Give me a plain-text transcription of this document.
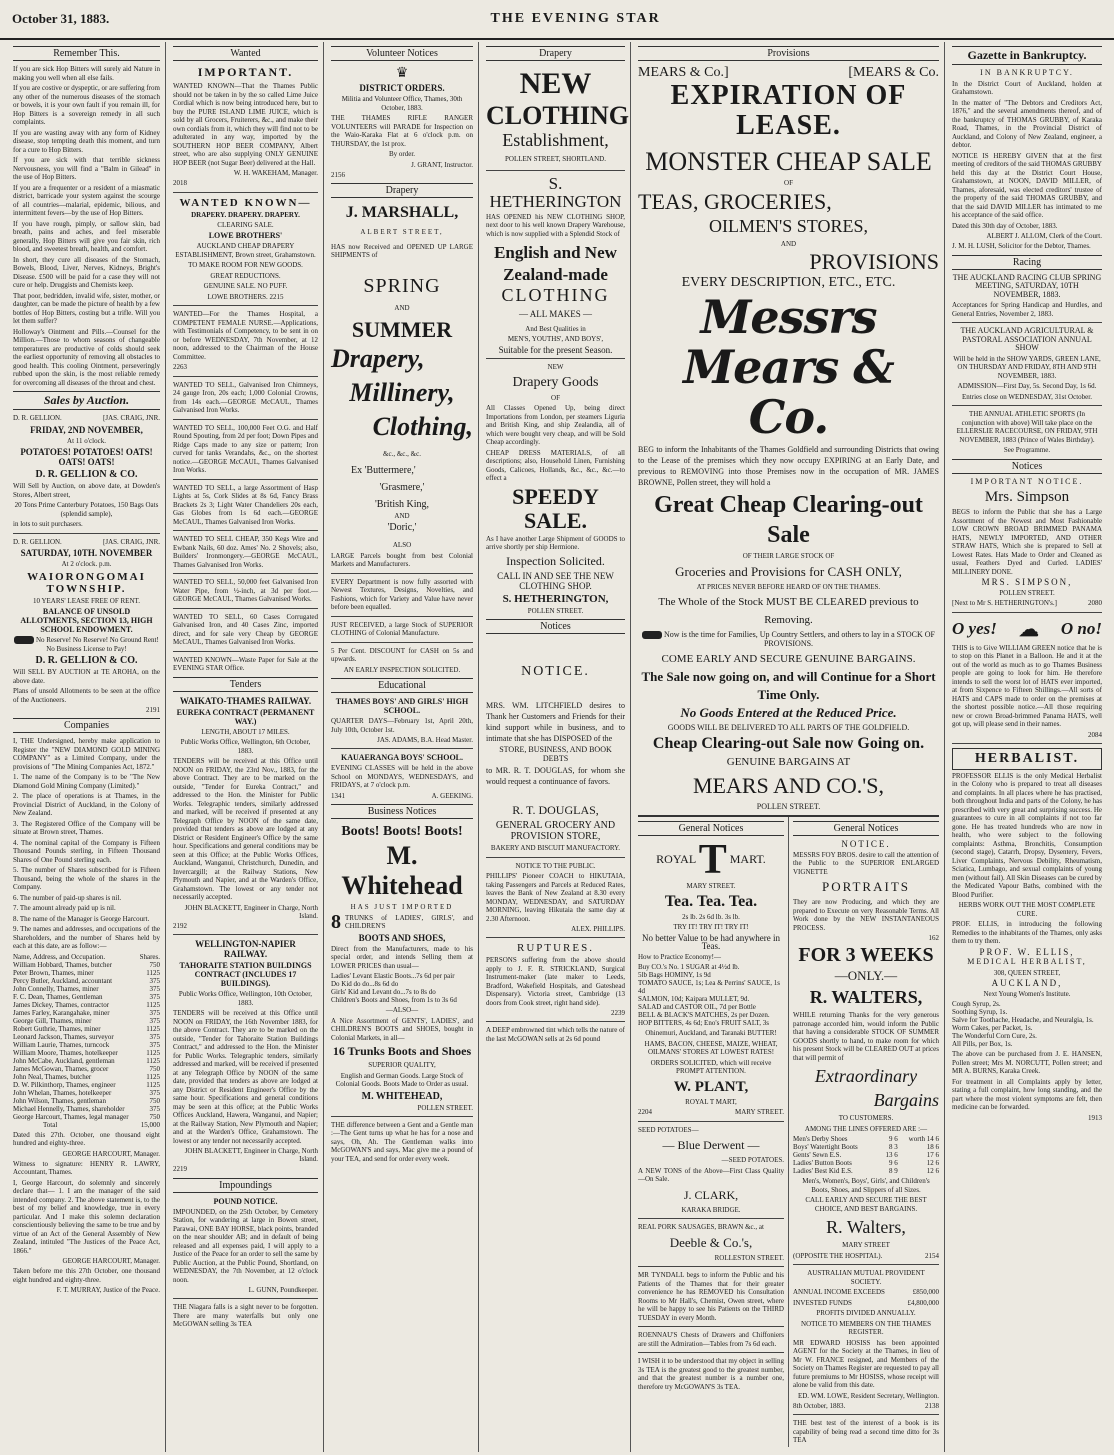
October 31, 1883.	THE EVENING STAR
Remember This.
If you are sick Hop Bitters will surely aid Nature in making you well when all else fails.
If you are costive or dyspeptic, or are suffering from any other of the numerous diseases of the stomach or bowels, it is your own fault if you remain ill, for Hop Bitters is a sovereign remedy in all such complaints.
If you are wasting away with any form of Kidney disease, stop tempting death this moment, and turn for a cure to Hop Bitters.
If you are sick with that terrible sickness Nervousness, you will find a "Balm in Gilead" in the use of Hop Bitters.
If you are a frequenter or a resident of a miasmatic district, barricade your system against the scourge of all countries—malarial, epidemic, bilious, and intermittent fevers—by the use of Hop Bitters.
If you have rough, pimply, or sallow skin, bad breath, pains and aches, and feel miserable generally, Hop Bitters will give you fair skin, rich blood, and sweetest breath, health, and comfort.
In short, they cure all diseases of the Stomach, Bowels, Blood, Liver, Nerves, Kidneys, Bright's Disease. £500 will be paid for a case they will not cure or help. Druggists and Chemists keep.
That poor, bedridden, invalid wife, sister, mother, or daughter, can be made the picture of health by a few bottles of Hop Bitters, costing but a trifle. Will you let them suffer?
Holloway's Ointment and Pills.—Counsel for the Million.—Those to whom seasons of changeable temperatures are productive of colds should seek the earliest opportunity of removing all obstacles to good health. This cooling Ointment, perseveringly rubbed upon the skin, is the most reliable remedy for overcoming all diseases of the throat and chest.
Sales by Auction.
D. R. GELLION.	[JAS. CRAIG, JNR.
FRIDAY, 2ND NOVEMBER,
At 11 o'clock.
POTATOES! POTATOES! OATS! OATS! OATS!
D. R. GELLION & CO.
Will Sell by Auction, on above date, at Dowden's Stores, Albert street,
20 Tons Prime Canterbury Potatoes, 150 Bags Oats (splendid sample),
in lots to suit purchasers.
D. R. GELLION.	[JAS. CRAIG, JNR.
SATURDAY, 10TH. NOVEMBER
At 2 o'clock. p.m.
WAIORONGOMAI TOWNSHIP.
10 YEARS' LEASE FREE OF RENT.
BALANCE OF UNSOLD ALLOTMENTS, SECTION 13, HIGH SCHOOL ENDOWMENT.
No Reserve! No Reserve! No Ground Rent! No Business License to Pay!
D. R. GELLION & CO.
Will SELL BY AUCTION at TE AROHA, on the above date.
Plans of unsold Allotments to be seen at the office of the Auctioneers.
2191
Companies
I, THE Undersigned, hereby make application to Register the "NEW DIAMOND GOLD MINING COMPANY" as a Limited Company, under the provisions of "The Mining Companies Act, 1872."
1. The name of the Company is to be "The New Diamond Gold Mining Company (Limited)."
2. The place of operations is at Thames, in the Provincial District of Auckland, in the Colony of New Zealand.
3. The Registered Office of the Company will be situate at Brown street, Thames.
4. The nominal capital of the Company is Fifteen Thousand Pounds sterling, in Fifteen Thousand Shares of One Pound sterling each.
5. The number of Shares subscribed for is Fifteen Thousand, being the whole of the shares in the Company.
6. The number of paid-up shares is nil.
7. The amount already paid up is nil.
8. The name of the Manager is George Harcourt.
9. The names and addresses, and occupations of the Shareholders, and the number of Shares held by each at this date, are as follow:—
Name, Address, and Occupation.	Shares.
William Hobbard, Thames, butcher	750
Peter Brown, Thames, miner	1125
Percy Butler, Auckland, accountant	375
John Connelly, Thames, miner	375
F. C. Dean, Thames, Gentleman	375
James Dickey, Thames, contractor	1125
James Farley, Karangahake, miner	375
George Gill, Thames, miner	375
Robert Guthrie, Thames, miner	1125
Leonard Jackson, Thames, surveyor	375
William Laurie, Thames, turncock	375
William Moore, Thames, hotelkeeper	1125
John McCabe, Auckland, gentleman	1125
James McGowan, Thames, grocer	750
John Neal, Thames, butcher	1125
D. W. Pilkinthorp, Thames, engineer	1125
John Whelan, Thames, hotelkeeper	375
John Wilson, Thames, gentleman	750
Michael Hennelly, Thames, shareholder	375
George Harcourt, Thames, legal manager	750
Total	15,000
Dated this 27th. October, one thousand eight hundred and eighty-three.
GEORGE HARCOURT, Manager.
Witness to signature: HENRY R. LAWRY, Accountant, Thames.
I, George Harcourt, do solemnly and sincerely declare that— 1. I am the manager of the said intended company. 2. The above statement is, to the best of my belief and knowledge, true in every particular. And I make this solemn declaration conscientiously believing the same to be true and by virtue of an Act of the General Assembly of New Zealand, intituled "The Justices of the Peace Act, 1866."
GEORGE HARCOURT, Manager.
Taken before me this 27th October, one thousand eight hundred and eighty-three.
F. T. MURRAY, Justice of the Peace.
Wanted
IMPORTANT.
WANTED KNOWN—That the Thames Public should not be taken in by the so called Lime Juice Cordial which is now being introduced here, but to buy the PURE ISLAND LIME JUICE, which is sold by all Grocers, Fruiterers, &c., and make their own cordials from it, which they will find not to be adulterated in any way, imported by the SOUTHERN HOP BEER COMPANY, Albert street, who are also supplying ONLY GENUINE HOP BEER (not Sugar Beer) delivered at the Hall.
W. H. WAKEHAM, Manager.
2018
WANTED KNOWN—
DRAPERY. DRAPERY. DRAPERY.
CLEARING SALE.
LOWE BROTHERS'
AUCKLAND CHEAP DRAPERY ESTABLISHMENT, Brown street, Grahamstown.
TO MAKE ROOM FOR NEW GOODS.
GREAT REDUCTIONS.
GENUINE SALE. NO PUFF.
LOWE BROTHERS. 2215
WANTED—For the Thames Hospital, a COMPETENT FEMALE NURSE.—Applications, with Testimonials of Competency, to be sent in on or before WEDNESDAY, 7th November, at 12 noon, addressed to the Chairman of the House Committee.
2263
WANTED TO SELL, Galvanised Iron Chimneys, 24 gauge Iron, 20s each; 1,000 Colonial Crowns, from 14s each.—GEORGE McCAUL, Thames Galvanised Iron Works.
WANTED TO SELL, 100,000 Feet O.G. and Half Round Spouting, from 2d per foot; Down Pipes and Ridge Caps made to any size or pattern; Iron curved for tanks Verandahs, &c., on the shortest notice.—GEORGE McCAUL, Thames Galvanised Iron Works.
WANTED TO SELL, a large Assortment of Hasp Lights at 5s, Cork Slides at 8s 6d, Fancy Brass Brackets 2s 3; Light Water Chandeliers 20s each, Gas Globes from 1s 6d each.—GEORGE McCAUL, Thames Galvanised Iron Works.
WANTED TO SELL CHEAP, 350 Kegs Wire and Ewbank Nails, 60 doz. Ames' No. 2 Shovels; also, Builders' Ironmongery.—GEORGE McCAUL, Thames Galvanised Iron Works.
WANTED TO SELL, 50,000 feet Galvanised Iron Water Pipe, from ½-inch, at 3d per foot.—GEORGE McCAUL, Thames Galvanised Works.
WANTED TO SELL, 60 Cases Corrugated Galvanised Iron, and 40 Cases Zinc, imported direct, and for sale very Cheap by GEORGE McCAUL, Thames Galvanised Iron Works.
WANTED KNOWN—Waste Paper for Sale at the EVENING STAR Office.
Tenders
WAIKATO-THAMES RAILWAY.
EUREKA CONTRACT (PERMANENT WAY.)
LENGTH, ABOUT 17 MILES.
Public Works Office, Wellington, 6th October, 1883.
TENDERS will be received at this Office until NOON on FRIDAY, the 23rd Nov., 1883, for the above Contract. They are to be marked on the outside, "Tender for Eureka Contract," and addressed to the Hon. the Minister for Public Works. Telegraphic tenders, similarly addressed and marked, will be received if presented at any Telegraph Office by NOON of the same date, provided that tenders as above are lodged at any District or Resident Engineer's Office by the same hour. Specifications and general conditions may be seen at this Office; at the Public Works Offices, Auckland, Wanganui, Christchurch, Dunedin, and Invercargill; at the Railway Stations, New Plymouth and Napier, and at the Warden's Office, Grahamstown. The lowest or any tender not necessarily accepted.
JOHN BLACKETT, Engineer in Charge, North Island.
2192
WELLINGTON-NAPIER RAILWAY.
TAHORAITE STATION BUILDINGS CONTRACT (INCLUDES 17 BUILDINGS).
Public Works Office, Wellington, 10th October, 1883.
TENDERS will be received at this Office until NOON on FRIDAY, the 16th November 1883, for the above Contract. They are to be marked on the outside, "Tender for Tahoraite Station Buildings Contract," and addressed to the Hon. the Minister for Public Works. Telegraphic tenders, similarly addressed and marked, will be received if presented at any Telegraph Office by NOON of the same date, provided that tenders as above are lodged at any District or Resident Engineer's Office by the same hour. Specifications and general conditions may be seen at this office; at the Public Works Offices Auckland, Hawera, Wanganui, and Napier; at the Railway Station, New Plymouth and Napier; and at the Warden's Office, Grahamstown. The lowest or any tender not necessarily accepted.
JOHN BLACKETT, Engineer in Charge, North Island.
2219
Impoundings
POUND NOTICE.
IMPOUNDED, on the 25th October, by Cemetery Station, for wandering at large in Bowen street, Parawai, ONE BAY HORSE, black points, branded on the near shoulder AB; and in default of being released and all expenses paid, I will apply to a Justice of the Peace for an order to sell the same by Public Auction, at the Public Pound, Shortland, on WEDNESDAY, the 7th November, at 12 o'clock noon.
L. GUNN, Poundkeeper.
THE Niagara falls is a sight never to be forgotten. There are many waterfalls but only one McGOWAN selling 3s TEA
Volunteer Notices
♛
DISTRICT ORDERS.
Militia and Volunteer Office, Thames, 30th October, 1883.
THE THAMES RIFLE RANGER VOLUNTEERS will PARADE for Inspection on the Waio-Karaka Flat at 6 o'clock p.m. on THURSDAY, the 1st prox.
By order.
J. GRANT, Instructor.
2156
Drapery
J. MARSHALL,
ALBERT STREET,
HAS now Received and OPENED UP LARGE SHIPMENTS of
SPRING
AND
SUMMER
Drapery,
Millinery,
Clothing,
&c., &c., &c.
Ex 'Buttermere,'
'Grasmere,'
'British King,
AND
'Doric,'
ALSO
LARGE Parcels bought from best Colonial Markets and Manufacturers.
EVERY Department is now fully assorted with Newest Textures, Designs, Novelties, and Fashions, which for Variety and Value have never before been equalled.
JUST RECEIVED, a large Stock of SUPERIOR CLOTHING of Colonial Manufacture.
5 Per Cent. DISCOUNT for CASH on 5s and upwards.
AN EARLY INSPECTION SOLICITED.
Educational
THAMES BOYS' AND GIRLS' HIGH SCHOOL.
QUARTER DAYS—February 1st, April 20th, July 10th, October 1st.
JAS. ADAMS, B.A. Head Master.
KAUAERANGA BOYS' SCHOOL.
EVENING CLASSES will be held in the above School on MONDAYS, WEDNESDAYS, and FRIDAYS, at 7 o'clock p.m.
1341	A. GEEKING.
Business Notices
Boots! Boots! Boots!
M. Whitehead
HAS JUST IMPORTED
8 TRUNKS of LADIES', GIRLS', and CHILDREN'S
BOOTS AND SHOES,
Direct from the Manufacturers, made to his special order, and intends Selling them at LOWER PRICES than usual—
Ladies' Levant Elastic Boots...7s 6d per pair
Do Kid do do...8s 6d do
Girls' Kid and Levant do...7s to 8s do
Children's Boots and Shoes, from 1s to 3s 6d
—ALSO—
A Nice Assortment of GENTS', LADIES', and CHILDREN'S BOOTS and SHOES, bought in Colonial Markets, in all—
16 Trunks Boots and Shoes
SUPERIOR QUALITY,
English and German Goods. Large Stock of Colonial Goods. Boots Made to Order as usual.
M. WHITEHEAD,
POLLEN STREET.
THE difference between a Gent and a Gentle man :—The Gent turns up what he has for a nose and says, Oh, Ah. The Gentleman walks into McGOWAN'S and says, Mac give me a pound of your TEA, and send for order every week.
Drapery
NEW
CLOTHING
Establishment,
POLLEN STREET, SHORTLAND.
S. HETHERINGTON
HAS OPENED his NEW CLOTHING SHOP, next door to his well known Drapery Warehouse, which is now supplied with a Splendid Stock of
English and New Zealand-made
CLOTHING
— ALL MAKES —
And Best Qualities in
MEN'S, YOUTHS', AND BOYS',
Suitable for the present Season.
NEW
Drapery Goods
OF
All Classes Opened Up, being direct Importations from London, per steamers Liguria and British King, and ship Zealandia, all of which were bought very cheap, and will be Sold Cheap accordingly.
CHEAP DRESS MATERIALS, of all descriptions; also, Household Linen, Furnishing Goods, Calicoes, Hollands, &c., &c., &c.—to effect a
SPEEDY SALE.
As I have another Large Shipment of GOODS to arrive shortly per ship Hermione.
Inspection Solicited.
CALL IN AND SEE THE NEW CLOTHING SHOP.
S. HETHERINGTON,
POLLEN STREET.
Notices
NOTICE.
MRS. WM. LITCHFIELD desires to Thank her Customers and Friends for their kind support while in business, and to intimate that she has DISPOSED of the
STORE, BUSINESS, AND BOOK DEBTS
to MR. R. T. DOUGLAS, for whom she would request a continuance of favors.
R. T. DOUGLAS,
GENERAL GROCERY AND PROVISION STORE,
BAKERY AND BISCUIT MANUFACTORY.
NOTICE TO THE PUBLIC.
PHILLIPS' Pioneer COACH to HIKUTAIA, taking Passengers and Parcels at Reduced Rates, leaves the Bank of New Zealand at 8.30 every MONDAY, WEDNESDAY, and SATURDAY MORNING, leaving Hikutaia the same day at 2.30 Afternoon.
ALEX. PHILLIPS.
RUPTURES.
PERSONS suffering from the above should apply to J. F. R. STRICKLAND, Surgical Instrument-maker (late maker to Leeds, Bradford, Wakefield Hospitals, and Gateshead Dispensary). Victoria street, Cambridge (13 doors from Cook street, right hand side).
2239
A DEEP embrowned tint which tells the nature of the last McGOWAN sells at 2s 6d pound
Provisions
MEARS & Co.]	[MEARS & Co.
EXPIRATION OF LEASE.
MONSTER CHEAP SALE
OF
TEAS, GROCERIES,
OILMEN'S STORES,
AND
PROVISIONS
EVERY DESCRIPTION, ETC., ETC.
Messrs Mears & Co.
BEG to inform the Inhabitants of the Thames Goldfield and surrounding Districts that owing to the Lease of the premises which they now occupy EXPIRING at an Early Date, and previous to REMOVING into those Premises now in the occupation of MR. JAMES BROWNE, Pollen street, they will hold a
Great Cheap Clearing-out Sale
OF THEIR LARGE STOCK OF
Groceries and Provisions for CASH ONLY,
AT PRICES NEVER BEFORE HEARD OF ON THE THAMES.
The Whole of the Stock MUST BE CLEARED previous to Removing.
Now is the time for Families, Up Country Settlers, and others to lay in a STOCK OF PROVISIONS.
COME EARLY AND SECURE GENUINE BARGAINS.
The Sale now going on, and will Continue for a Short Time Only.
No Goods Entered at the Reduced Price.
GOODS WILL BE DELIVERED TO ALL PARTS OF THE GOLDFIELD.
Cheap Clearing-out Sale now Going on.
GENUINE BARGAINS AT
MEARS AND CO.'S,
POLLEN STREET.
General Notices
ROYAL T MART.
MARY STREET.
Tea. Tea. Tea.
2s lb. 2s 6d lb. 3s lb.
TRY IT! TRY IT! TRY IT!
No better Value to be had anywhere in Teas.
How to Practice Economy!—
Buy CO.'s No. 1 SUGAR at 4½d lb.
5lb Bags HOMINY, 1s 9d
TOMATO SAUCE, 1s; Lea & Perrins' SAUCE, 1s 4d
SALMON, 10d; Kaipara MULLET, 9d.
SALAD and CASTOR OIL, 7d per Bottle
BELL & BLACK'S MATCHES, 2s per Dozen.
HOP BITTERS, 4s 6d; Eno's FRUIT SALT, 3s
Ohinemuri, Auckland, and Taranaki BUTTER!
HAMS, BACON, CHEESE, MAIZE, WHEAT, OILMANS' STORES AT LOWEST RATES!
ORDERS SOLICITED, which will receive PROMPT ATTENTION.
W. PLANT,
ROYAL T MART,
2204	MARY STREET.
SEED POTATOES—
— Blue Derwent —
—SEED POTATOES.
A NEW TONS of the Above—First Class Quality—On Sale.
J. CLARK,
KARAKA BRIDGE.
REAL PORK SAUSAGES, BRAWN &c., at
Deeble & Co.'s,
ROLLESTON STREET.
MR TYNDALL begs to inform the Public and his Patients of the Thames that for their greater convenience he has REMOVED his Consultation Rooms to Mr Hall's, Chemist, Owen street, where he will be happy to see his Patients on the THIRD TUESDAY in every Month.
ROENNAU'S Chests of Drawers and Chiffoniers are still the Admiration—Tables from 7s 6d each.
I WISH it to be understood that my object in selling 3s TEA is the greatest good to the greatest number, and that the greatest number is a number one, therefore try McGOWAN'S 3s TEA.
General Notices
NOTICE.
MESSRS FOY BROS. desire to call the attention of the Public to the SUPERIOR ENLARGED VIGNETTE
PORTRAITS
They are now Producing, and which they are prepared to Execute on very Reasonable Terms. All Work done by the NEW INSTANTANEOUS PROCESS.
162
FOR 3 WEEKS
—ONLY.—
R. WALTERS,
WHILE returning Thanks for the very generous patronage accorded him, would inform the Public that having a considerable STOCK OF SUMMER GOODS shortly to hand, to make room for which his present Stock will be CLEARED OUT at prices that will permit of
Extraordinary
Bargains
TO CUSTOMERS.
AMONG THE LINES OFFERED ARE :—
Men's Derby Shoes	9 6	worth 14 6
Boys' Watertight Boots	8 3	18 6
Gents' Sewn E.S.	13 6	17 6
Ladies' Button Boots	9 6	12 6
Ladies' Best Kid E.S.	8 9	12 6
Men's, Women's, Boys', Girls', and Children's Boots, Shoes, and Slippers of all Sizes.
CALL EARLY AND SECURE THE BEST CHOICE, AND BEST BARGAINS.
R. Walters,
MARY STREET
(OPPOSITE THE HOSPITAL).	2154
AUSTRALIAN MUTUAL PROVIDENT SOCIETY.
ANNUAL INCOME EXCEEDS	£850,000
INVESTED FUNDS	£4,800,000
PROFITS DIVIDED ANNUALLY.
NOTICE TO MEMBERS ON THE THAMES REGISTER.
MR EDWARD HOSISS has been appointed AGENT for the Society at the Thames, in lieu of Mr W. FRANCE resigned, and Members of the Society on Thames Register are requested to pay all future premiums to Mr HOSISS, whose receipt will alone be valid from this date.
ED. WM. LOWE, Resident Secretary, Wellington.
8th October, 1883.	2138
THE best test of the interest of a book is its capability of being read a second time ditto for 3s TEA
Gazette in Bankruptcy.
IN BANKRUPTCY.
In the District Court of Auckland, holden at Grahamstown.
In the matter of "The Debtors and Creditors Act, 1876," and the several amendments thereof, and of the bankruptcy of THOMAS GRUBBY, of Karaka Road, Thames, in the Provincial District of Auckland, and Colony of New Zealand, engineer, a debtor.
NOTICE IS HEREBY GIVEN that at the first meeting of creditors of the said THOMAS GRUBBY held this day at the District Court House, Grahamstown, at NOON, DAVID MILLER, of Thames, aforesaid, was elected creditors' trustee of the property of the said THOMAS GRUBBY, and that the said DAVID MILLER has intimated to me his acceptance of the said office.
Dated this 30th day of October, 1883.
ALBERT J. ALLOM, Clerk of the Court.
J. M. H. LUSH, Solicitor for the Debtor, Thames.
Racing
THE AUCKLAND RACING CLUB SPRING MEETING, SATURDAY, 10TH NOVEMBER, 1883.
Acceptances for Spring Handicap and Hurdles, and General Entries, November 2, 1883.
THE AUCKLAND AGRICULTURAL & PASTORAL ASSOCIATION ANNUAL SHOW
Will be held in the SHOW YARDS, GREEN LANE, ON THURSDAY AND FRIDAY, 8TH AND 9TH NOVEMBER, 1883.
ADMISSION—First Day, 5s. Second Day, 1s 6d.
Entries close on WEDNESDAY, 31st October.
THE ANNUAL ATHLETIC SPORTS (In conjunction with above) Will take place on the ELLERSLIE RACECOURSE, ON FRIDAY, 9TH NOVEMBER, 1883 (Prince of Wales Birthday).
See Programme.
Notices
IMPORTANT NOTICE.
Mrs. Simpson
BEGS to inform the Public that she has a Large Assortment of the Newest and Most Fashionable LOW CROWN BROAD BRIMMED PANAMA HATS, NEWLY IMPORTED, AND OTHER STRAW HATS, Which she is prepared to Sell at Lowest Rates. Hats Made to Order and Cleaned as usual, Feathers Dyed and Curled. LADIES' MILLINERY DONE.
MRS. SIMPSON,
POLLEN STREET.
[Next to Mr S. HETHERINGTON's.]	2080
O yes! ☁ O no!
THIS is to Give WILLIAM GREEN notice that he is to stop on this Planet in a Balloon. He and it at the out of the world as much as to go Thames Business people are going to look for him. He therefore intends to sell the worst lot of HATS ever imported, at from Sixpence to Fifteen Shillings.—All sorts of HATS and CAPS made to order on the premises at the shortest possible notice.—All those requiring new or crown Broad-brimmed Panama HATS, well got up, will please send in their names.
2084
HERBALIST.
PROFESSOR ELLIS is the only Medical Herbalist in the Colony who is prepared to treat all diseases and complaints. In all places where he has practised, both throughout India and parts of the Colony, he has prescribed with very great and surprising success. He guarantees to cure in all complaints if not too far gone. He has treated hundreds who are now in health, who were subject to the following complaints: Asthma, Bronchitis, Consumption (second stage), Catarrh, Dropsy, Dysentery, Fevers, Liver Complaints, Nervous Debility, Rheumatism, Sciatica, Lumbago, and sexual complaints of young men (without fail). All Skin Diseases can be cured by the Medicated Vapour Baths, combined with the Blood Purifier.
HERBS WORK OUT THE MOST COMPLETE CURE.
PROF. ELLIS, in introducing the following Remedies to the inhabitants of the Thames, only asks them to try them.
PROF. W. ELLIS,
MEDICAL HERBALIST,
308, QUEEN STREET,
AUCKLAND,
Next Young Women's Institute.
Cough Syrup, 2s.
Soothing Syrup, 1s.
Salve for Toothache, Headache, and Neuralgia, 1s.
Worm Cakes, per Packet, 1s.
The Wonderful Corn Cure, 2s.
All Pills, per Box, 1s.
The above can be purchased from J. E. HANSEN, Pollen street; Mrs M. NORCUTT, Pollen street; and MR A. BURNS, Karaka Creek.
For treatment in all Complaints apply by letter, stating a full complaint, how long standing, and the part where the most violent symptoms are felt, then medicine can be forwarded.
1913
